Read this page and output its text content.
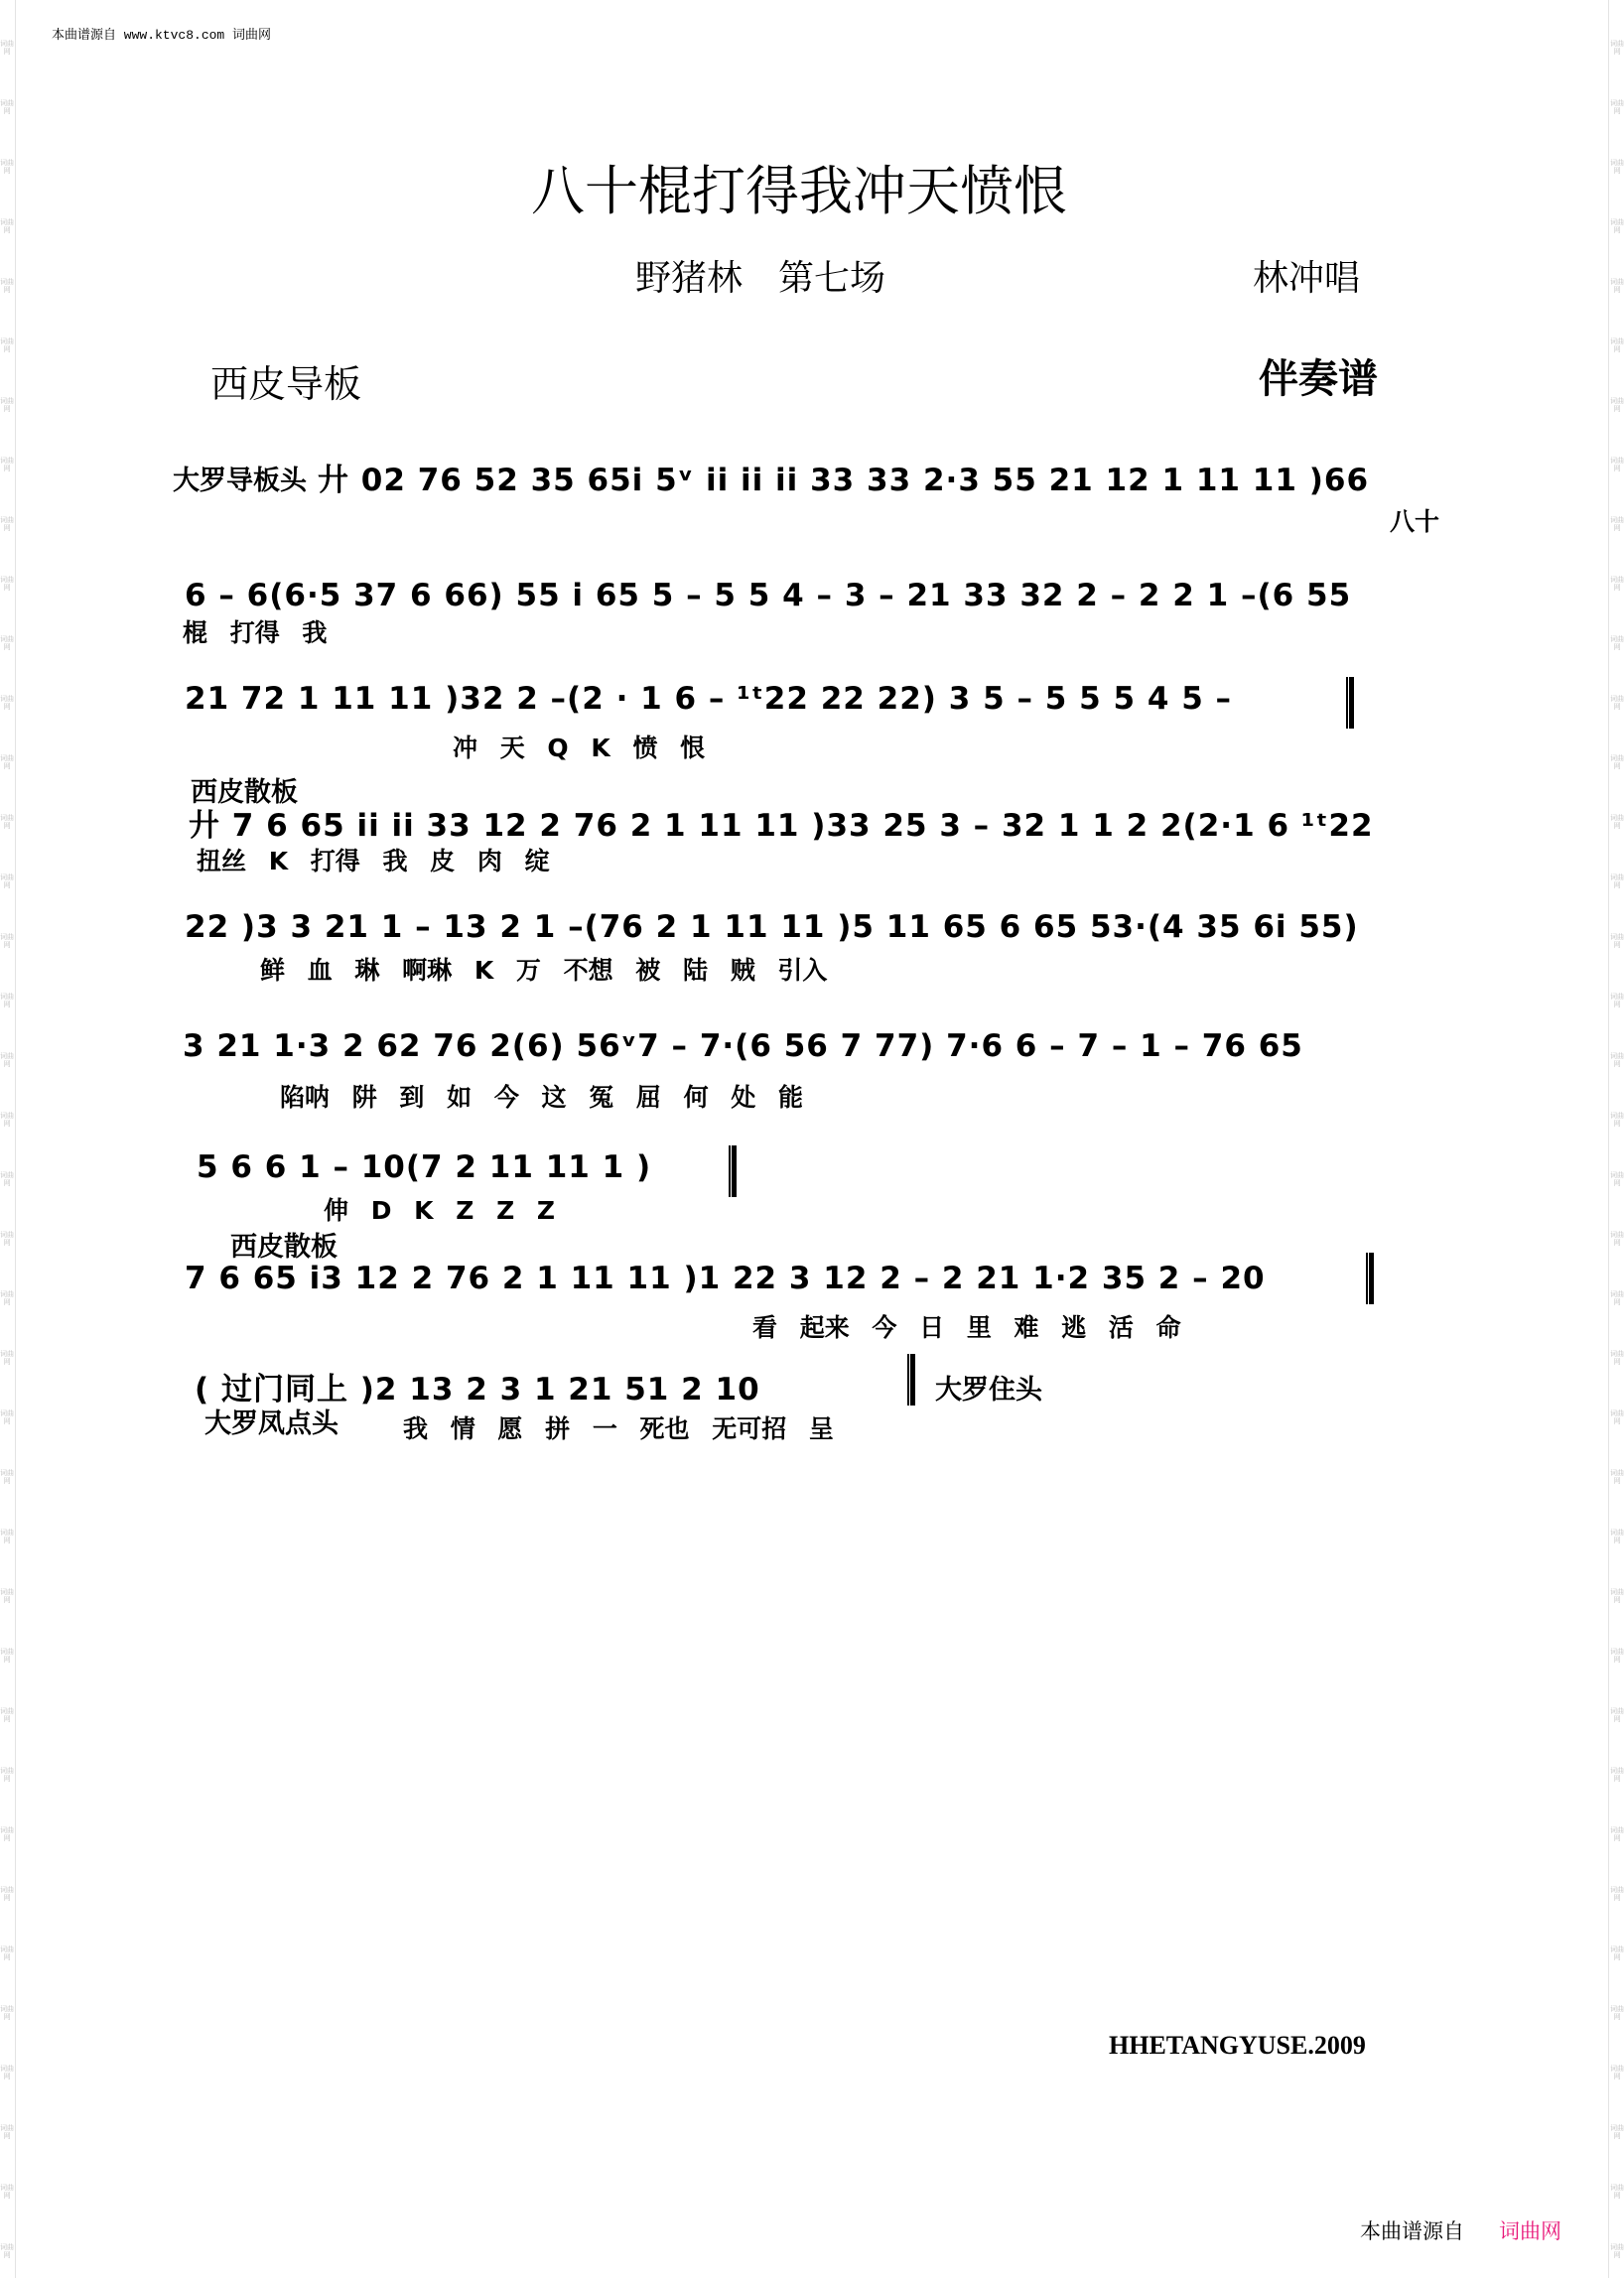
词曲网
词曲网
词曲网
词曲网
词曲网
词曲网
词曲网
词曲网
词曲网
词曲网
词曲网
词曲网
词曲网
词曲网
词曲网
词曲网
词曲网
词曲网
词曲网
词曲网
词曲网
词曲网
词曲网
词曲网
词曲网
词曲网
词曲网
词曲网
词曲网
词曲网
词曲网
词曲网
词曲网
词曲网
词曲网
词曲网
词曲网
词曲网
词曲网
词曲网
词曲网
词曲网
词曲网
词曲网
词曲网
词曲网
词曲网
词曲网
词曲网
词曲网
词曲网
词曲网
词曲网
词曲网
词曲网
词曲网
词曲网
词曲网
词曲网
词曲网
词曲网
词曲网
词曲网
词曲网
词曲网
词曲网
词曲网
词曲网
词曲网
词曲网
词曲网
词曲网
词曲网
词曲网
词曲网
词曲网
本曲谱源自 www.ktvc8.com 词曲网
八十棍打得我冲天愤恨
野猪林　第七场	林冲唱
西皮导板	伴奏谱
大罗导板头 廾 02 76 52 35 65i 5ᵛ ii ii ii 33 33 2·3 55 21 12 1 11 11 )66
八十
6 – 6(6·5 37 6 66) 55 i 65 5 – 5 5 4 – 3 – 21 33 32 2 – 2 2 1 –(6 55
棍 打得 我
21 72 1 11 11 )32 2 –(2 · 1 6 – ¹ᵗ22 22 22) 3 5 – 5 5 5 4 5 –
冲 天 Q K 愤 恨
西皮散板
廾 7 6 65 ii ii 33 12 2 76 2 1 11 11 )33 25 3 – 32 1 1 2 2(2·1 6 ¹ᵗ22
扭丝 K 打得 我 皮 肉 绽
22 )3 3 21 1 – 13 2 1 –(76 2 1 11 11 )5 11 65 6 65 53·(4 35 6i 55)
鲜 血 琳 啊琳 K 万 不想 被 陆 贼 引入
3 21 1·3 2 62 76 2(6) 56ᵛ7 – 7·(6 56 7 77) 7·6 6 – 7 – 1 – 76 65
陷呐 阱 到 如 今 这 冤 屈 何 处 能
5 6 6 1 – 10(7 2 11 11 1 )
伸 D K Z Z Z
西皮散板
7 6 65 i3 12 2 76 2 1 11 11 )1 22 3 12 2 – 2 21 1·2 35 2 – 20
看 起来 今 日 里 难 逃 活 命
( 过门同上 )2 13 2 3 1 21 51 2 10	大罗住头
大罗凤点头	我 情 愿 拼 一 死也 无可招 呈
HHETANGYUSE.2009
本曲谱源自 词曲网
